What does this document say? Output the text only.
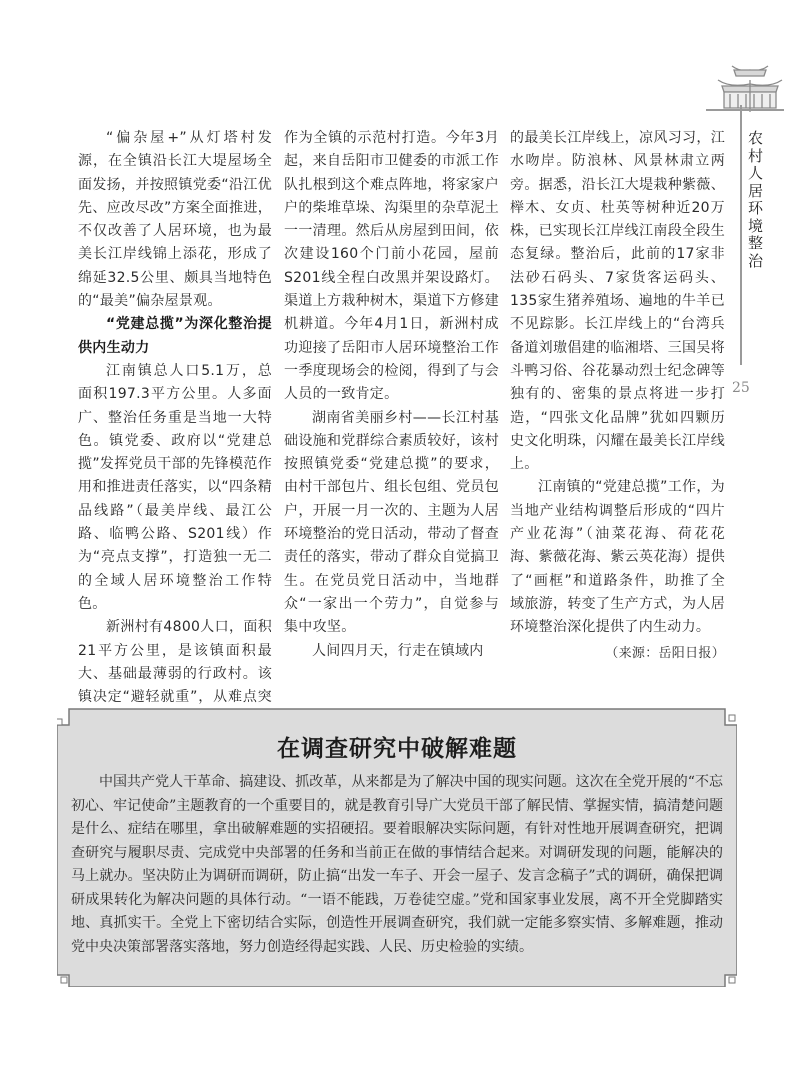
农村人居环境整治
25

“偏杂屋+”从灯塔村发源，在全镇沿长江大堤屋场全面发扬，并按照镇党委“沿江优先、应改尽改”方案全面推进，不仅改善了人居环境，也为最美长江岸线锦上添花，形成了绵延32.5公里、颇具当地特色的“最美”偏杂屋景观。

“党建总揽”为深化整治提供内生动力

江南镇总人口5.1万，总面积197.3平方公里。人多面广、整治任务重是当地一大特色。镇党委、政府以“党建总揽”发挥党员干部的先锋模范作用和推进责任落实，以“四条精品线路”（最美岸线、最江公路、临鸭公路、S201线）作为“亮点支撑”，打造独一无二的全域人居环境整治工作特色。

新洲村有4800人口，面积21平方公里，是该镇面积最大、基础最薄弱的行政村。该镇决定“避轻就重”，从难点突

作为全镇的示范村打造。今年3月起，来自岳阳市卫健委的市派工作队扎根到这个难点阵地，将家家户户的柴堆草垛、沟渠里的杂草泥土一一清理。然后从房屋到田间，依次建设160个门前小花园，屋前S201线全程白改黑并架设路灯。渠道上方栽种树木，渠道下方修建机耕道。今年4月1日，新洲村成功迎接了岳阳市人居环境整治工作一季度现场会的检阅，得到了与会人员的一致肯定。

湖南省美丽乡村——长江村基础设施和党群综合素质较好，该村按照镇党委“党建总揽”的要求，由村干部包片、组长包组、党员包户，开展一月一次的、主题为人居环境整治的党日活动，带动了督查责任的落实，带动了群众自觉搞卫生。在党员党日活动中，当地群众“一家出一个劳力”，自觉参与集中攻坚。

人间四月天，行走在镇域内

的最美长江岸线上，凉风习习，江水吻岸。防浪林、风景林肃立两旁。据悉，沿长江大堤栽种紫薇、榉木、女贞、杜英等树种近20万株，已实现长江岸线江南段全段生态复绿。整治后，此前的17家非法砂石码头、7家货客运码头、135家生猪养殖场、遍地的牛羊已不见踪影。长江岸线上的“台湾兵备道刘璈倡建的临湘塔、三国吴将斗鸭习俗、谷花暴动烈士纪念碑等独有的、密集的景点将进一步打造，“四张文化品牌”犹如四颗历史文化明珠，闪耀在最美长江岸线上。

江南镇的“党建总揽”工作，为当地产业结构调整后形成的“四片产业花海”（油菜花海、荷花花海、紫薇花海、紫云英花海）提供了“画框”和道路条件，助推了全域旅游，转变了生产方式，为人居环境整治深化提供了内生动力。

（来源：岳阳日报）
在调查研究中破解难题

中国共产党人干革命、搞建设、抓改革，从来都是为了解决中国的现实问题。这次在全党开展的“不忘初心、牢记使命”主题教育的一个重要目的，就是教育引导广大党员干部了解民情、掌握实情，搞清楚问题是什么、症结在哪里，拿出破解难题的实招硬招。要着眼解决实际问题，有针对性地开展调查研究，把调查研究与履职尽责、完成党中央部署的任务和当前正在做的事情结合起来。对调研发现的问题，能解决的马上就办。坚决防止为调研而调研，防止搞“出发一车子、开会一屋子、发言念稿子”式的调研，确保把调研成果转化为解决问题的具体行动。“一语不能践，万卷徒空虚。”党和国家事业发展，离不开全党脚踏实地、真抓实干。全党上下密切结合实际，创造性开展调查研究，我们就一定能多察实情、多解难题，推动党中央决策部署落实落地，努力创造经得起实践、人民、历史检验的实绩。
